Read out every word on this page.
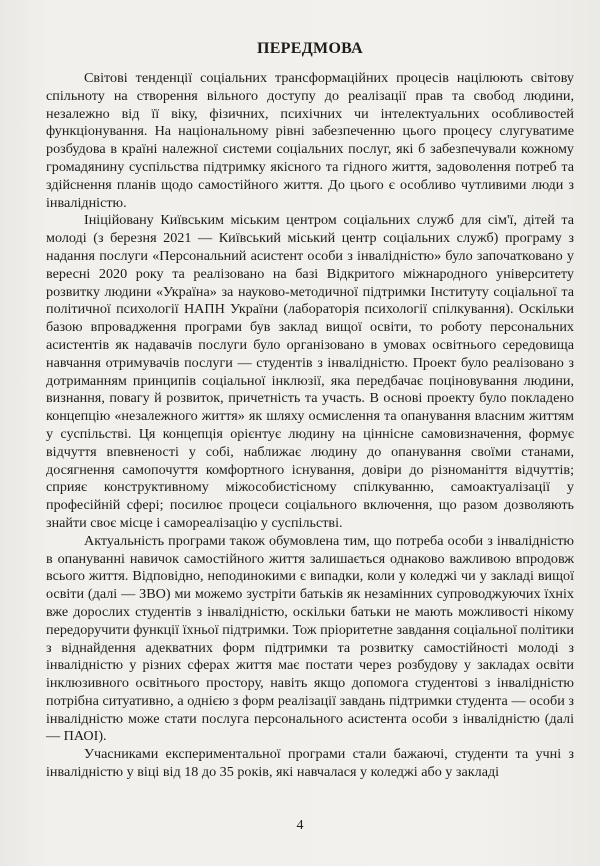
ПЕРЕДМОВА

Світові тенденції соціальних трансформаційних процесів націлюють світову спільноту на створення вільного доступу до реалізації прав та свобод людини, незалежно від її віку, фізичних, психічних чи інтелектуальних особливостей функціонування. На національному рівні забезпеченню цього процесу слугуватиме розбудова в країні належної системи соціальних послуг, які б забезпечували кожному громадянину суспільства підтримку якісного та гідного життя, задоволення потреб та здійснення планів щодо самостійного життя. До цього є особливо чутливими люди з інвалідністю.

Ініційовану Київським міським центром соціальних служб для сім'ї, дітей та молоді (з березня 2021 — Київський міський центр соціальних служб) програму з надання послуги «Персональний асистент особи з інвалідністю» було започатковано у вересні 2020 року та реалізовано на базі Відкритого міжнародного університету розвитку людини «Україна» за науково-методичної підтримки Інституту соціальної та політичної психології НАПН України (лабораторія психології спілкування). Оскільки базою впровадження програми був заклад вищої освіти, то роботу персональних асистентів як надавачів послуги було організовано в умовах освітнього середовища навчання отримувачів послуги — студентів з інвалідністю. Проект було реалізовано з дотриманням принципів соціальної інклюзії, яка передбачає поціновування людини, визнання, повагу й розвиток, причетність та участь. В основі проекту було покладено концепцію «незалежного життя» як шляху осмислення та опанування власним життям у суспільстві. Ця концепція орієнтує людину на ціннісне самовизначення, формує відчуття впевненості у собі, наближає людину до опанування своїми станами, досягнення самопочуття комфортного існування, довіри до різноманіття відчуттів; сприяє конструктивному міжособистісному спілкуванню, самоактуалізації у професійній сфері; посилює процеси соціального включення, що разом дозволяють знайти своє місце і самореалізацію у суспільстві.

Актуальність програми також обумовлена тим, що потреба особи з інвалідністю в опануванні навичок самостійного життя залишається однаково важливою впродовж всього життя. Відповідно, неподинокими є випадки, коли у коледжі чи у закладі вищої освіти (далі — ЗВО) ми можемо зустріти батьків як незамінних супроводжуючих їхніх вже дорослих студентів з інвалідністю, оскільки батьки не мають можливості нікому передоручити функції їхньої підтримки. Тож пріоритетне завдання соціальної політики з віднайдення адекватних форм підтримки та розвитку самостійності молоді з інвалідністю у різних сферах життя має постати через розбудову у закладах освіти інклюзивного освітнього простору, навіть якщо допомога студентові з інвалідністю потрібна ситуативно, а однією з форм реалізації завдань підтримки студента — особи з інвалідністю може стати послуга персонального асистента особи з інвалідністю (далі — ПАОІ).

Учасниками експериментальної програми стали бажаючі, студенти та учні з інвалідністю у віці від 18 до 35 років, які навчалася у коледжі або у закладі

4
